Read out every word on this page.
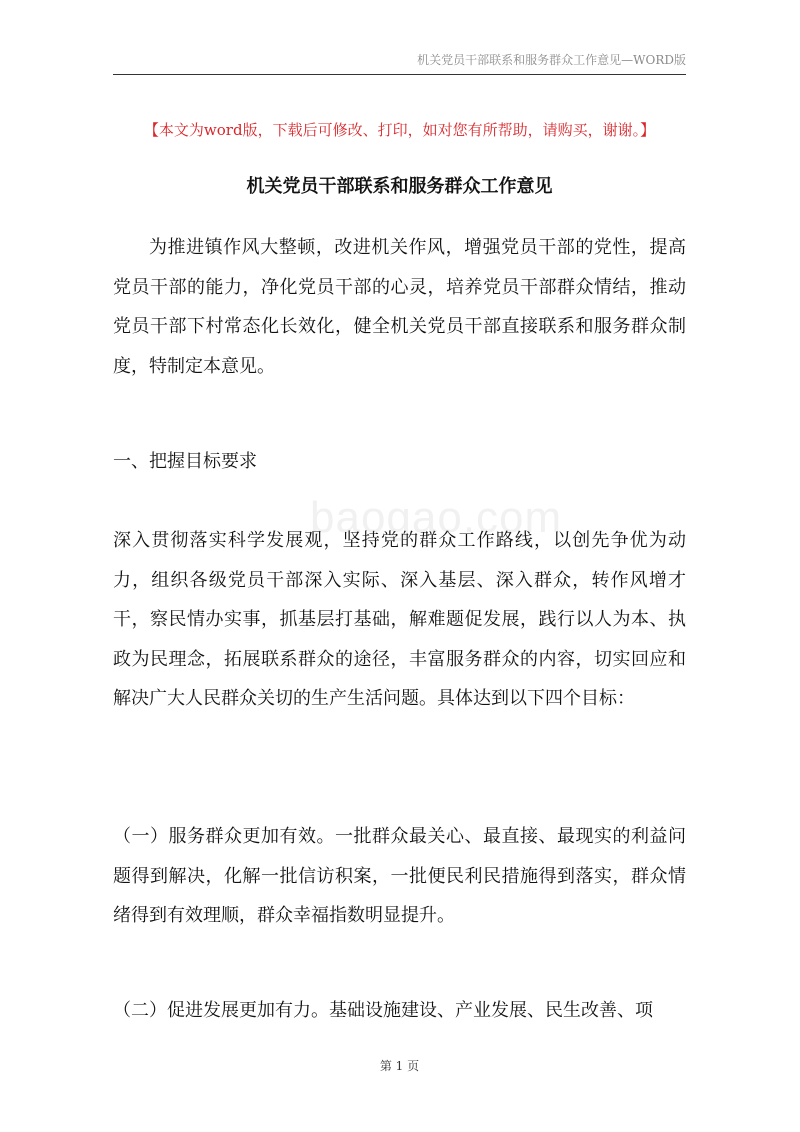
机关党员干部联系和服务群众工作意见—WORD版
【本文为word版，下载后可修改、打印，如对您有所帮助，请购买，谢谢。】
机关党员干部联系和服务群众工作意见

为推进镇作风大整顿，改进机关作风，增强党员干部的党性，提高党员干部的能力，净化党员干部的心灵，培养党员干部群众情结，推动党员干部下村常态化长效化，健全机关党员干部直接联系和服务群众制度，特制定本意见。

一、把握目标要求

深入贯彻落实科学发展观，坚持党的群众工作路线，以创先争优为动力，组织各级党员干部深入实际、深入基层、深入群众，转作风增才干，察民情办实事，抓基层打基础，解难题促发展，践行以人为本、执政为民理念，拓展联系群众的途径，丰富服务群众的内容，切实回应和解决广大人民群众关切的生产生活问题。具体达到以下四个目标：

（一）服务群众更加有效。一批群众最关心、最直接、最现实的利益问题得到解决，化解一批信访积案，一批便民利民措施得到落实，群众情绪得到有效理顺，群众幸福指数明显提升。

（二）促进发展更加有力。基础设施建设、产业发展、民生改善、项

baogao.com
第 1 页
